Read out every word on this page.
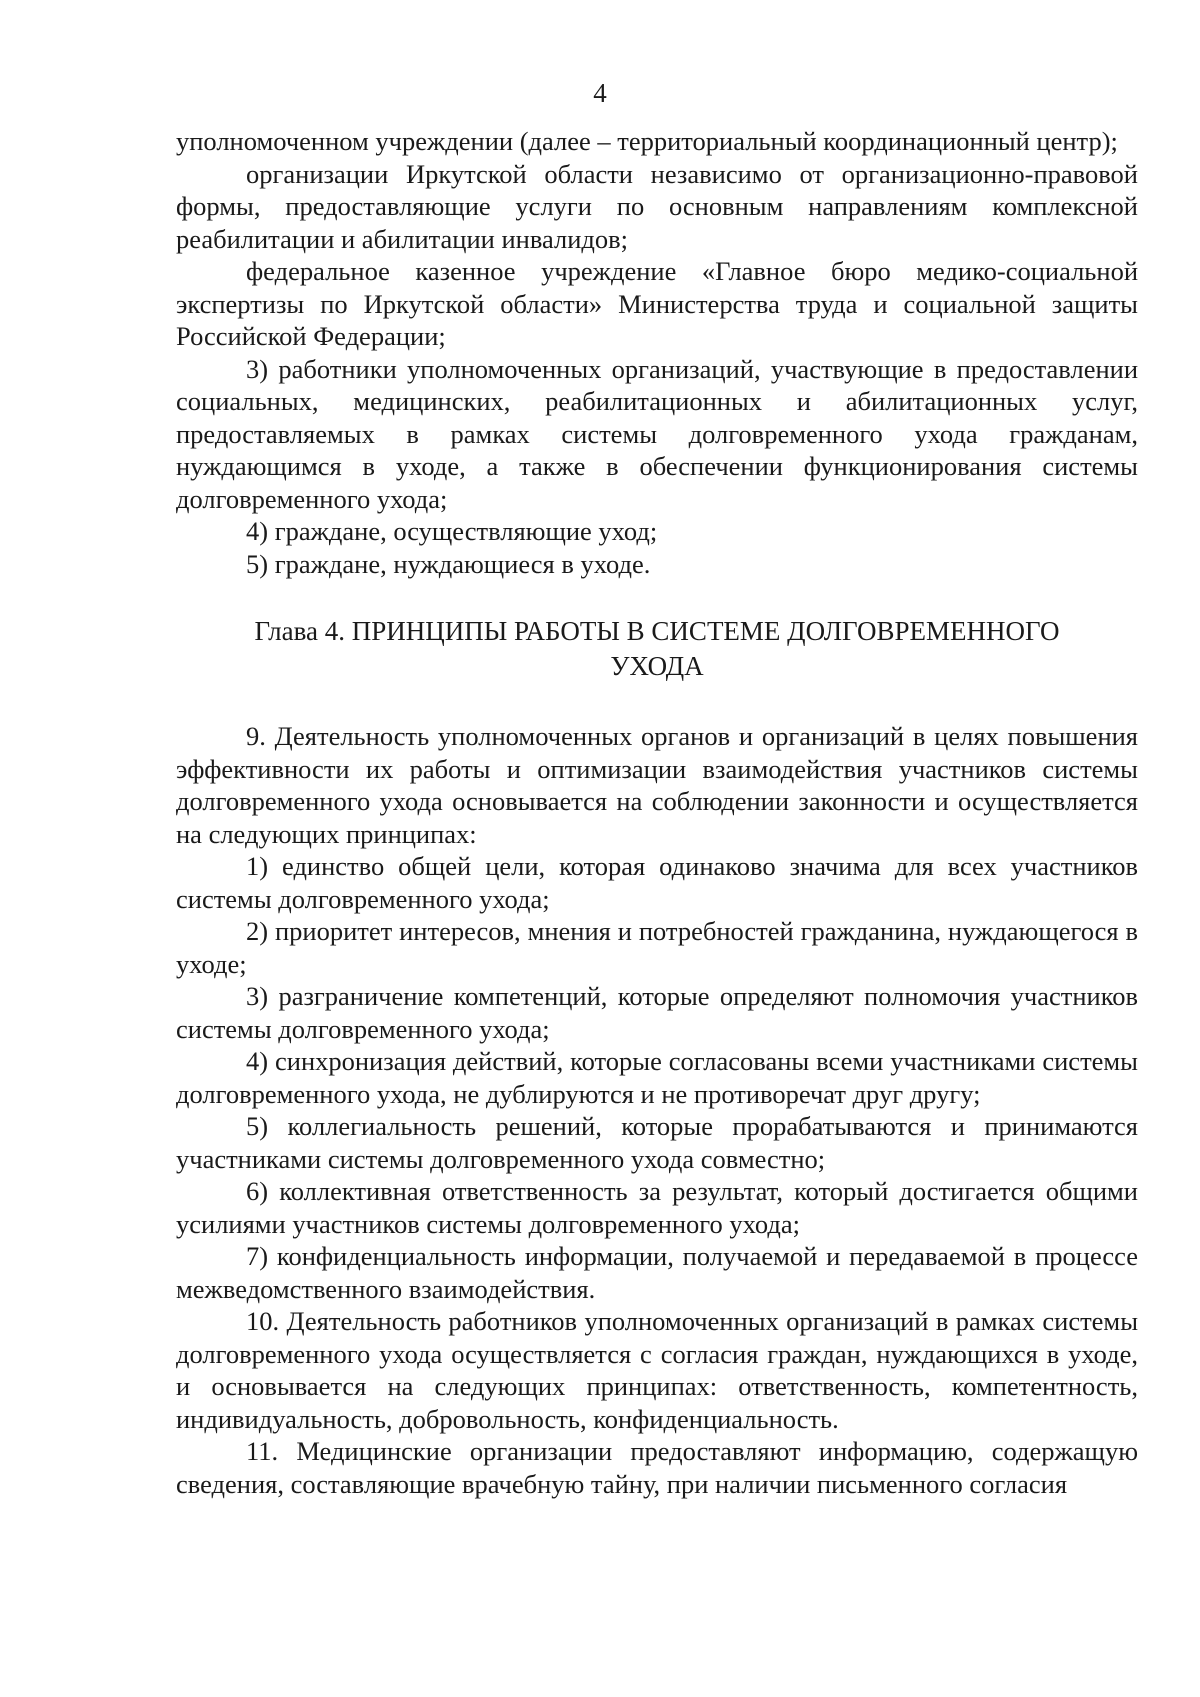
4

уполномоченном учреждении (далее – территориальный координационный центр);

организации Иркутской области независимо от организационно-правовой формы, предоставляющие услуги по основным направлениям комплексной реабилитации и абилитации инвалидов;

федеральное казенное учреждение «Главное бюро медико-социальной экспертизы по Иркутской области» Министерства труда и социальной защиты Российской Федерации;

3) работники уполномоченных организаций, участвующие в предоставлении социальных, медицинских, реабилитационных и абилитационных услуг, предоставляемых в рамках системы долговременного ухода гражданам, нуждающимся в уходе, а также в обеспечении функционирования системы долговременного ухода;

4) граждане, осуществляющие уход;

5) граждане, нуждающиеся в уходе.

Глава 4. ПРИНЦИПЫ РАБОТЫ В СИСТЕМЕ ДОЛГОВРЕМЕННОГО
УХОДА

9. Деятельность уполномоченных органов и организаций в целях повышения эффективности их работы и оптимизации взаимодействия участников системы долговременного ухода основывается на соблюдении законности и осуществляется на следующих принципах:

1) единство общей цели, которая одинаково значима для всех участников системы долговременного ухода;

2) приоритет интересов, мнения и потребностей гражданина, нуждающегося в уходе;

3) разграничение компетенций, которые определяют полномочия участников системы долговременного ухода;

4) синхронизация действий, которые согласованы всеми участниками системы долговременного ухода, не дублируются и не противоречат друг другу;

5) коллегиальность решений, которые прорабатываются и принимаются участниками системы долговременного ухода совместно;

6) коллективная ответственность за результат, который достигается общими усилиями участников системы долговременного ухода;

7) конфиденциальность информации, получаемой и передаваемой в процессе межведомственного взаимодействия.

10. Деятельность работников уполномоченных организаций в рамках системы долговременного ухода осуществляется с согласия граждан, нуждающихся в уходе, и основывается на следующих принципах: ответственность, компетентность, индивидуальность, добровольность, конфиденциальность.

11. Медицинские организации предоставляют информацию, содержащую сведения, составляющие врачебную тайну, при наличии письменного согласия
